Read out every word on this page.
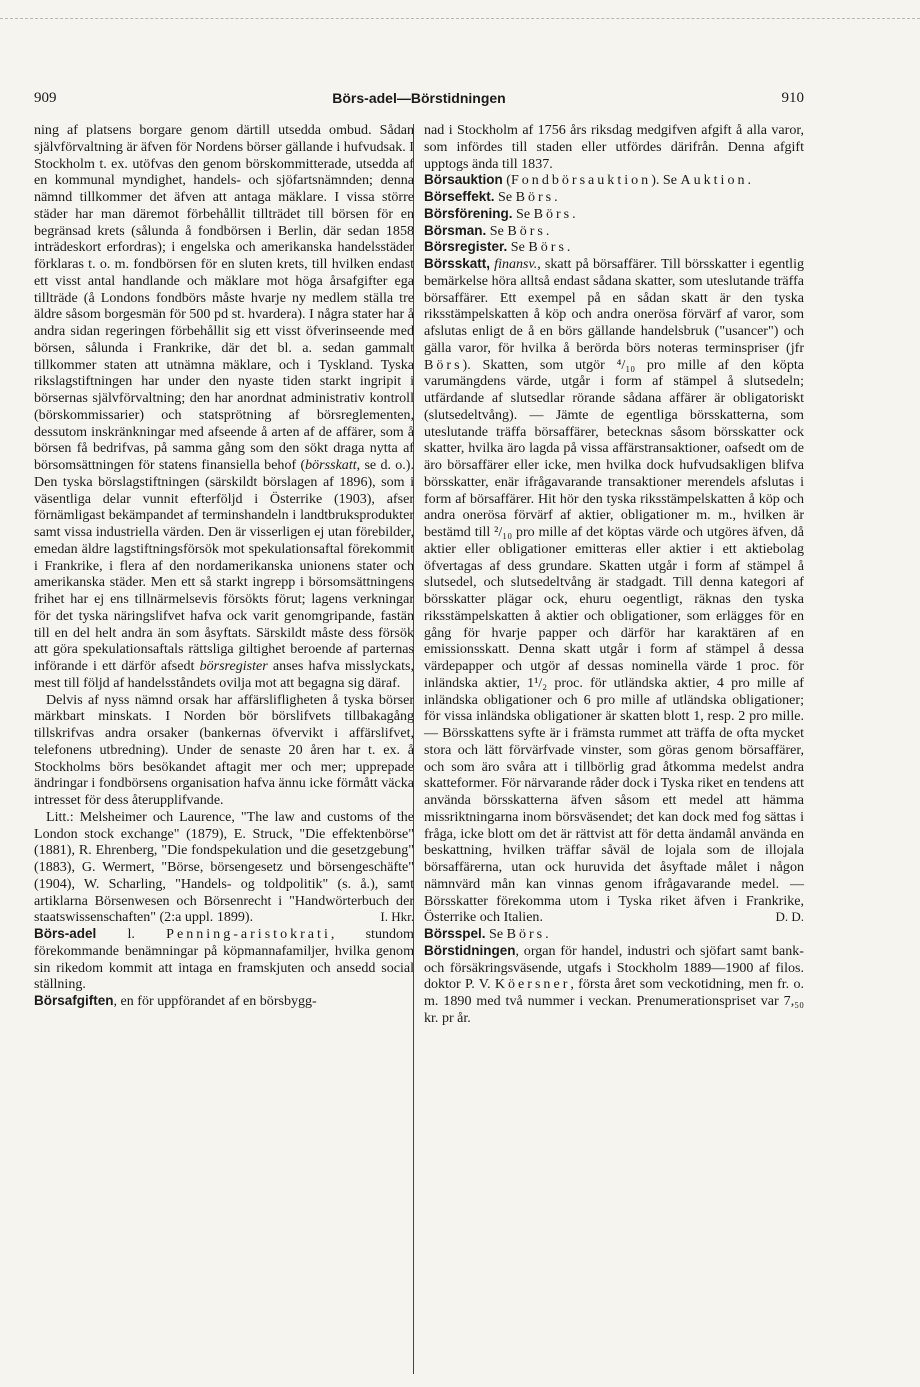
909	Börs-adel—Börstidningen	910

ning af platsens borgare genom därtill utsedda ombud. Sådan självförvaltning är äfven för Nordens börser gällande i hufvudsak. I Stockholm t. ex. utöfvas den genom börskommitterade, utsedda af en kommunal myndighet, handels- och sjöfartsnämnden; denna nämnd tillkommer det äfven att antaga mäklare. I vissa större städer har man däremot förbehållit tillträdet till börsen för en begränsad krets (sålunda å fondbörsen i Berlin, där sedan 1858 inträdeskort erfordras); i engelska och amerikanska handelsstäder förklaras t. o. m. fondbörsen för en sluten krets, till hvilken endast ett visst antal handlande och mäklare mot höga årsafgifter ega tillträde (å Londons fondbörs måste hvarje ny medlem ställa tre äldre såsom borgesmän för 500 pd st. hvardera). I några stater har å andra sidan regeringen förbehållit sig ett visst öfverinseende med börsen, sålunda i Frankrike, där det bl. a. sedan gammalt tillkommer staten att utnämna mäklare, och i Tyskland. Tyska rikslagstiftningen har under den nyaste tiden starkt ingripit i börsernas självförvaltning; den har anordnat administrativ kontroll (börskommissarier) och statsprötning af börsreglementen, dessutom inskränkningar med afseende å arten af de affärer, som å börsen få bedrifvas, på samma gång som den sökt draga nytta af börsomsättningen för statens finansiella behof (börsskatt, se d. o.). Den tyska börslagstiftningen (särskildt börslagen af 1896), som i väsentliga delar vunnit efterföljd i Österrike (1903), afser förnämligast bekämpandet af terminshandeln i landtbruksprodukter samt vissa industriella värden. Den är visserligen ej utan förebilder, emedan äldre lagstiftningsförsök mot spekulationsaftal förekommit i Frankrike, i flera af den nordamerikanska unionens stater och amerikanska städer. Men ett så starkt ingrepp i börsomsättningens frihet har ej ens tillnärmelsevis försökts förut; lagens verkningar för det tyska näringslifvet hafva ock varit genomgripande, fastän till en del helt andra än som åsyftats. Särskildt måste dess försök att göra spekulationsaftals rättsliga giltighet beroende af parternas införande i ett därför afsedt börsregister anses hafva misslyckats, mest till följd af handelsståndets ovilja mot att begagna sig däraf.

Delvis af nyss nämnd orsak har affärslifligheten å tyska börser märkbart minskats. I Norden bör börslifvets tillbakagång tillskrifvas andra orsaker (bankernas öfvervikt i affärslifvet, telefonens utbredning). Under de senaste 20 åren har t. ex. å Stockholms börs besökandet aftagit mer och mer; upprepade ändringar i fondbörsens organisation hafva ännu icke förmått väcka intresset för dess återupplifvande.

Litt.: Melsheimer och Laurence, "The law and customs of the London stock exchange" (1879), E. Struck, "Die effektenbörse" (1881), R. Ehrenberg, "Die fondspekulation und die gesetzgebung" (1883), G. Wermert, "Börse, börsengesetz und börsengeschäfte" (1904), W. Scharling, "Handels- og toldpolitik" (s. å.), samt artiklarna Börsenwesen och Börsenrecht i "Handwörterbuch der staatswissenschaften" (2:a uppl. 1899).	I. Hkr.

Börs-adel l. Penning-aristokrati, stundom förekommande benämningar på köpmannafamiljer, hvilka genom sin rikedom kommit att intaga en framskjuten och ansedd social ställning.

Börsafgiften, en för uppförandet af en börsbygg-

nad i Stockholm af 1756 års riksdag medgifven afgift å alla varor, som infördes till staden eller utfördes därifrån. Denna afgift upptogs ända till 1837.

Börsauktion (Fondbörsauktion). Se Auktion.

Börseffekt. Se Börs.

Börsförening. Se Börs.

Börsman. Se Börs.

Börsregister. Se Börs.

Börsskatt, finansv., skatt på börsaffärer. Till börsskatter i egentlig bemärkelse höra alltså endast sådana skatter, som uteslutande träffa börsaffärer. Ett exempel på en sådan skatt är den tyska riksstämpelskatten å köp och andra onerösa förvärf af varor, som afslutas enligt de å en börs gällande handelsbruk ("usancer") och gälla varor, för hvilka å berörda börs noteras terminspriser (jfr Börs). Skatten, som utgör ⁴/₁₀ pro mille af den köpta varumängdens värde, utgår i form af stämpel å slutsedeln; utfärdande af slutsedlar rörande sådana affärer är obligatoriskt (slutsedeltvång). — Jämte de egentliga börsskatterna, som uteslutande träffa börsaffärer, betecknas såsom börsskatter ock skatter, hvilka äro lagda på vissa affärstransaktioner, oafsedt om de äro börsaffärer eller icke, men hvilka dock hufvudsakligen blifva börsskatter, enär ifrågavarande transaktioner merendels afslutas i form af börsaffärer. Hit hör den tyska riksstämpelskatten å köp och andra onerösa förvärf af aktier, obligationer m. m., hvilken är bestämd till ²/₁₀ pro mille af det köptas värde och utgöres äfven, då aktier eller obligationer emitteras eller aktier i ett aktiebolag öfvertagas af dess grundare. Skatten utgår i form af stämpel å slutsedel, och slutsedeltvång är stadgadt. Till denna kategori af börsskatter plägar ock, ehuru oegentligt, räknas den tyska riksstämpelskatten å aktier och obligationer, som erlägges för en gång för hvarje papper och därför har karaktären af en emissionsskatt. Denna skatt utgår i form af stämpel å dessa värdepapper och utgör af dessas nominella värde 1 proc. för inländska aktier, 1¹/₂ proc. för utländska aktier, 4 pro mille af inländska obligationer och 6 pro mille af utländska obligationer; för vissa inländska obligationer är skatten blott 1, resp. 2 pro mille. — Börsskattens syfte är i främsta rummet att träffa de ofta mycket stora och lätt förvärfvade vinster, som göras genom börsaffärer, och som äro svåra att i tillbörlig grad åtkomma medelst andra skatteformer. För närvarande råder dock i Tyska riket en tendens att använda börsskatterna äfven såsom ett medel att hämma missriktningarna inom börsväsendet; det kan dock med fog sättas i fråga, icke blott om det är rättvist att för detta ändamål använda en beskattning, hvilken träffar såväl de lojala som de illojala börsaffärerna, utan ock huruvida det åsyftade målet i någon nämnvärd mån kan vinnas genom ifrågavarande medel. — Börsskatter förekomma utom i Tyska riket äfven i Frankrike, Österrike och Italien.	D. D.

Börsspel. Se Börs.

Börstidningen, organ för handel, industri och sjöfart samt bank- och försäkringsväsende, utgafs i Stockholm 1889—1900 af filos. doktor P. V. Köersner, första året som veckotidning, men fr. o. m. 1890 med två nummer i veckan. Prenumerationspriset var 7,₅₀ kr. pr år.
